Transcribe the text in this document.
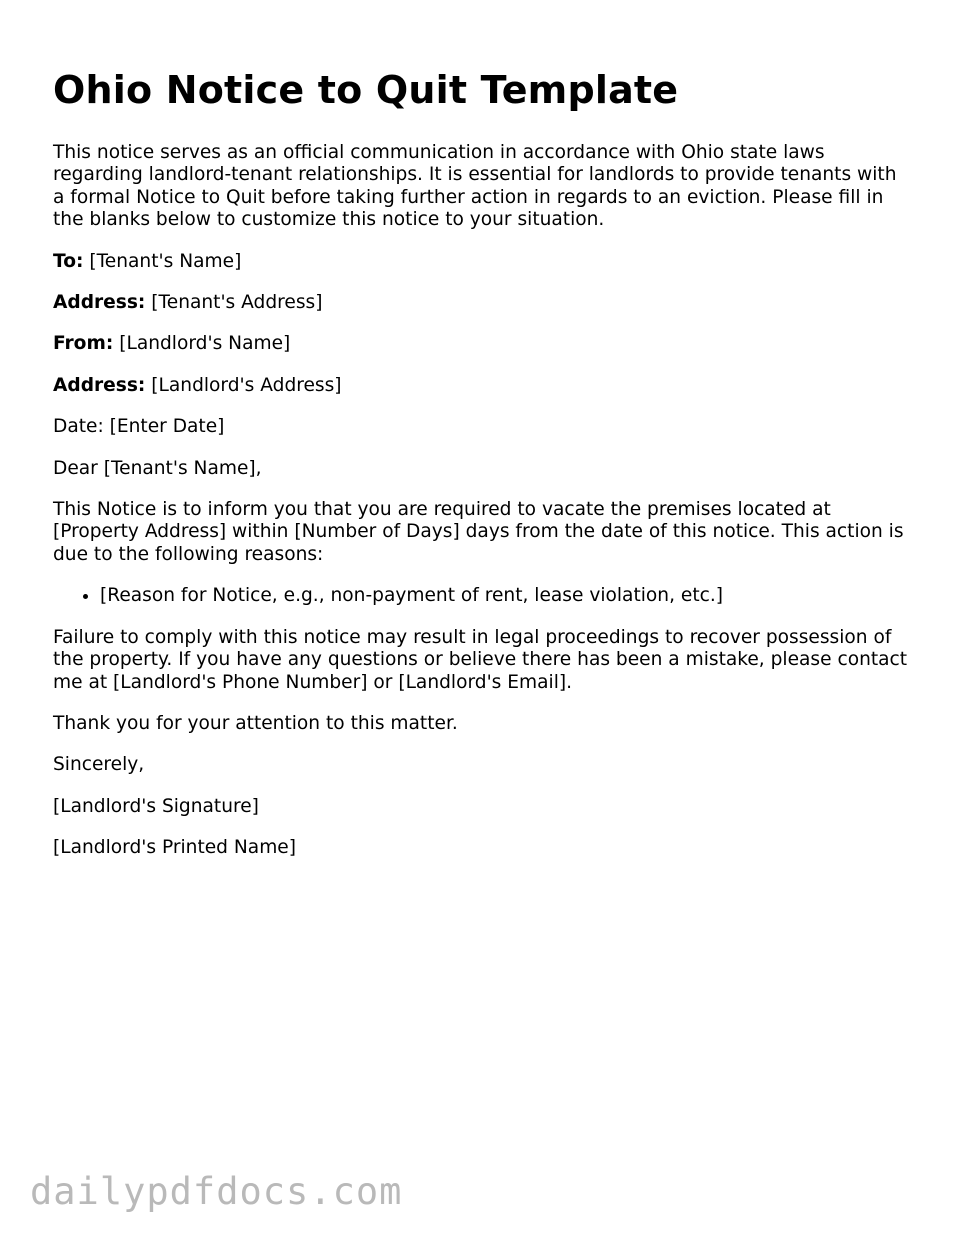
Ohio Notice to Quit Template

This notice serves as an official communication in accordance with Ohio state laws regarding landlord-tenant relationships. It is essential for landlords to provide tenants with a formal Notice to Quit before taking further action in regards to an eviction. Please fill in the blanks below to customize this notice to your situation.

To: [Tenant's Name]

Address: [Tenant's Address]

From: [Landlord's Name]

Address: [Landlord's Address]

Date: [Enter Date]

Dear [Tenant's Name],

This Notice is to inform you that you are required to vacate the premises located at [Property Address] within [Number of Days] days from the date of this notice. This action is due to the following reasons:

• [Reason for Notice, e.g., non-payment of rent, lease violation, etc.]

Failure to comply with this notice may result in legal proceedings to recover possession of the property. If you have any questions or believe there has been a mistake, please contact me at [Landlord's Phone Number] or [Landlord's Email].

Thank you for your attention to this matter.

Sincerely,

[Landlord's Signature]

[Landlord's Printed Name]

dailypdfdocs.com
